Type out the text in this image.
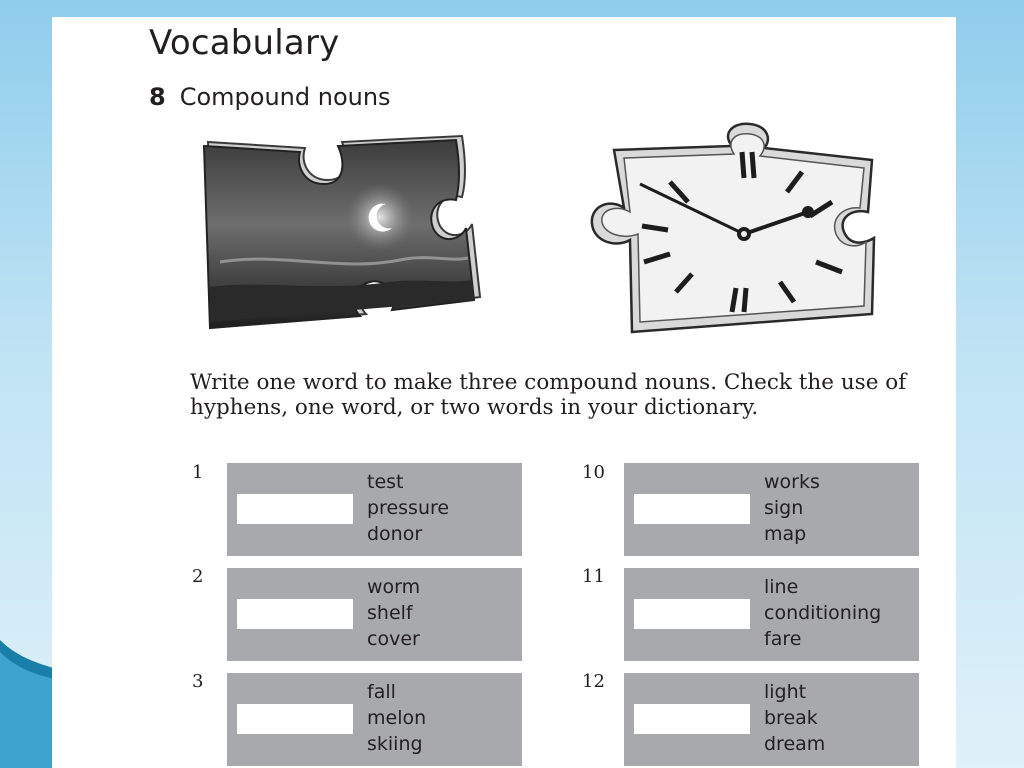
Vocabulary
8 Compound nouns

Write one word to make three compound nouns. Check the use of hyphens, one word, or two words in your dictionary.

1	test
pressure
donor
2	worm
shelf
cover
3	fall
melon
skiing
10	works
sign
map
11	line
conditioning
fare
12	light
break
dream
